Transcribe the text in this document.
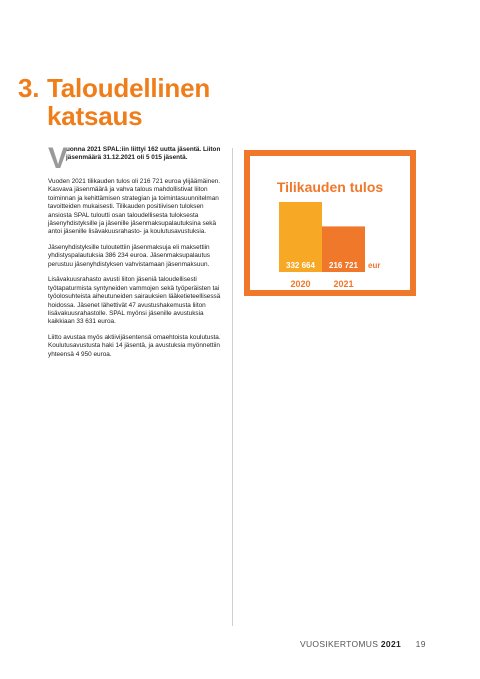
3. Taloudellinen
katsaus
V
uonna 2021 SPAL:iin liittyi 162 uutta jäsentä. Liiton jäsenmäärä 31.12.2021 oli 5 015 jäsentä.

Vuoden 2021 tilikauden tulos oli 216 721 euroa ylijäämäinen. Kasvava jäsenmäärä ja vahva talous mahdollistivat liiton toiminnan ja kehittämisen strategian ja toimintasuunnitelman tavoitteiden mukaisesti. Tilikauden positiivisen tuloksen ansiosta SPAL tuloutti osan taloudellisesta tuloksesta jäsenyhdistyksille ja jäsenille jäsenmaksupalautuksina sekä antoi jäsenille lisävakuusrahasto- ja koulutusavustuksia.

Jäsenyhdistyksille tuloutettiin jäsenmaksuja eli maksettiin yhdistyspalautuksia 386 234 euroa. Jäsenmaksupalautus perustuu jäsenyhdistyksen vahvistamaan jäsenmaksuun.

Lisävakuusrahasto avusti liiton jäseniä taloudellisesti työtapaturmista syntyneiden vammojen sekä työperäisten tai työolosuhteista aiheutuneiden sairauksien lääketieteellisessä hoidossa. Jäsenet lähettivät 47 avustushakemusta liiton lisävakuusrahastolle. SPAL myönsi jäsenille avustuksia kaikkiaan 33 631 euroa.

Liitto avustaa myös aktiivijäsentensä omaehtoista koulutusta. Koulutusavustusta haki 14 jäsentä, ja avustuksia myönnettiin yhteensä 4 950 euroa.

Tilikauden tulos
332 664
2020
216 721
2021
eur
VUOSIKERTOMUS 2021 19
